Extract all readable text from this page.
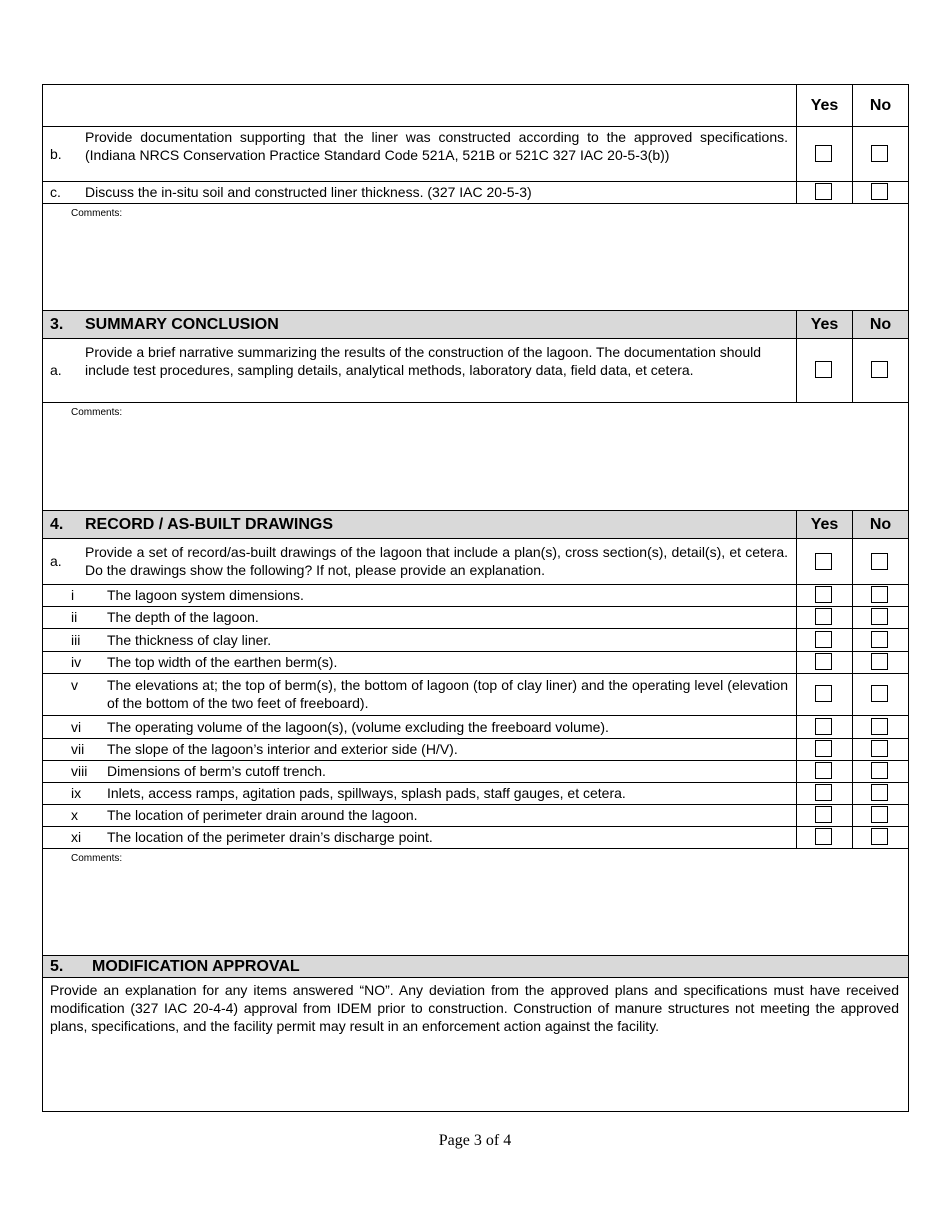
Yes	No
b.
Provide documentation supporting that the liner was constructed according to the approved specifications. (Indiana NRCS Conservation Practice Standard Code 521A, 521B or 521C 327 IAC 20-5-3(b))
c. Discuss the in-situ soil and constructed liner thickness. (327 IAC 20-5-3)
Comments:
3. SUMMARY CONCLUSION	Yes	No
a.
Provide a brief narrative summarizing the results of the construction of the lagoon. The documentation should include test procedures, sampling details, analytical methods, laboratory data, field data, et cetera.
Comments:
4. RECORD / AS-BUILT DRAWINGS	Yes	No
a.
Provide a set of record/as-built drawings of the lagoon that include a plan(s), cross section(s), detail(s), et cetera. Do the drawings show the following? If not, please provide an explanation.
i The lagoon system dimensions.
ii The depth of the lagoon.
iii The thickness of clay liner.
iv The top width of the earthen berm(s).
v The elevations at; the top of berm(s), the bottom of lagoon (top of clay liner) and the operating level (elevation of the bottom of the two feet of freeboard).
vi The operating volume of the lagoon(s), (volume excluding the freeboard volume).
vii The slope of the lagoon’s interior and exterior side (H/V).
viii Dimensions of berm’s cutoff trench.
ix Inlets, access ramps, agitation pads, spillways, splash pads, staff gauges, et cetera.
x The location of perimeter drain around the lagoon.
xi The location of the perimeter drain’s discharge point.
Comments:
5. MODIFICATION APPROVAL
Provide an explanation for any items answered “NO”. Any deviation from the approved plans and specifications must have received modification (327 IAC 20-4-4) approval from IDEM prior to construction. Construction of manure structures not meeting the approved plans, specifications, and the facility permit may result in an enforcement action against the facility.
Page 3 of 4
